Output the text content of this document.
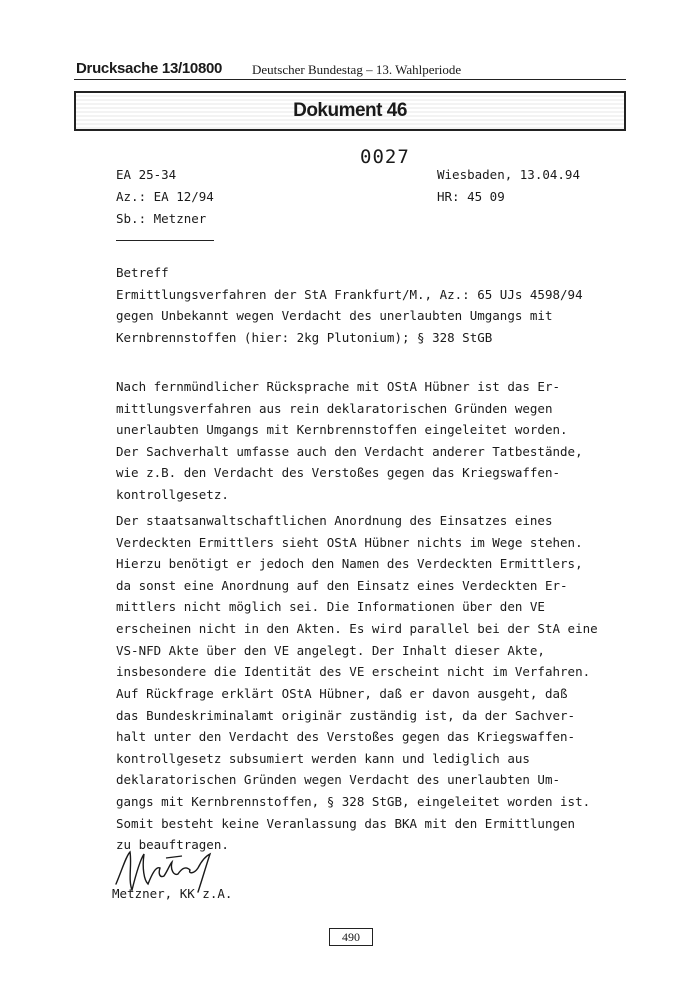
Drucksache 13/10800 Deutscher Bundestag – 13. Wahlperiode
Dokument 46
0027
EA 25-34
Az.: EA 12/94
Sb.: Metzner
Wiesbaden, 13.04.94
HR: 45 09
Betreff
Ermittlungsverfahren der StA Frankfurt/M., Az.: 65 UJs 4598/94
gegen Unbekannt wegen Verdacht des unerlaubten Umgangs mit
Kernbrennstoffen (hier: 2kg Plutonium); § 328 StGB
Nach fernmündlicher Rücksprache mit OStA Hübner ist das Er-
mittlungsverfahren aus rein deklaratorischen Gründen wegen
unerlaubten Umgangs mit Kernbrennstoffen eingeleitet worden.
Der Sachverhalt umfasse auch den Verdacht anderer Tatbestände,
wie z.B. den Verdacht des Verstoßes gegen das Kriegswaffen-
kontrollgesetz.
Der staatsanwaltschaftlichen Anordnung des Einsatzes eines
Verdeckten Ermittlers sieht OStA Hübner nichts im Wege stehen.
Hierzu benötigt er jedoch den Namen des Verdeckten Ermittlers,
da sonst eine Anordnung auf den Einsatz eines Verdeckten Er-
mittlers nicht möglich sei. Die Informationen über den VE
erscheinen nicht in den Akten. Es wird parallel bei der StA eine
VS-NFD Akte über den VE angelegt. Der Inhalt dieser Akte,
insbesondere die Identität des VE erscheint nicht im Verfahren.
Auf Rückfrage erklärt OStA Hübner, daß er davon ausgeht, daß
das Bundeskriminalamt originär zuständig ist, da der Sachver-
halt unter den Verdacht des Verstoßes gegen das Kriegswaffen-
kontrollgesetz subsumiert werden kann und lediglich aus
deklaratorischen Gründen wegen Verdacht des unerlaubten Um-
gangs mit Kernbrennstoffen, § 328 StGB, eingeleitet worden ist.
Somit besteht keine Veranlassung das BKA mit den Ermittlungen
zu beauftragen.
Metzner, KK z.A.
490
